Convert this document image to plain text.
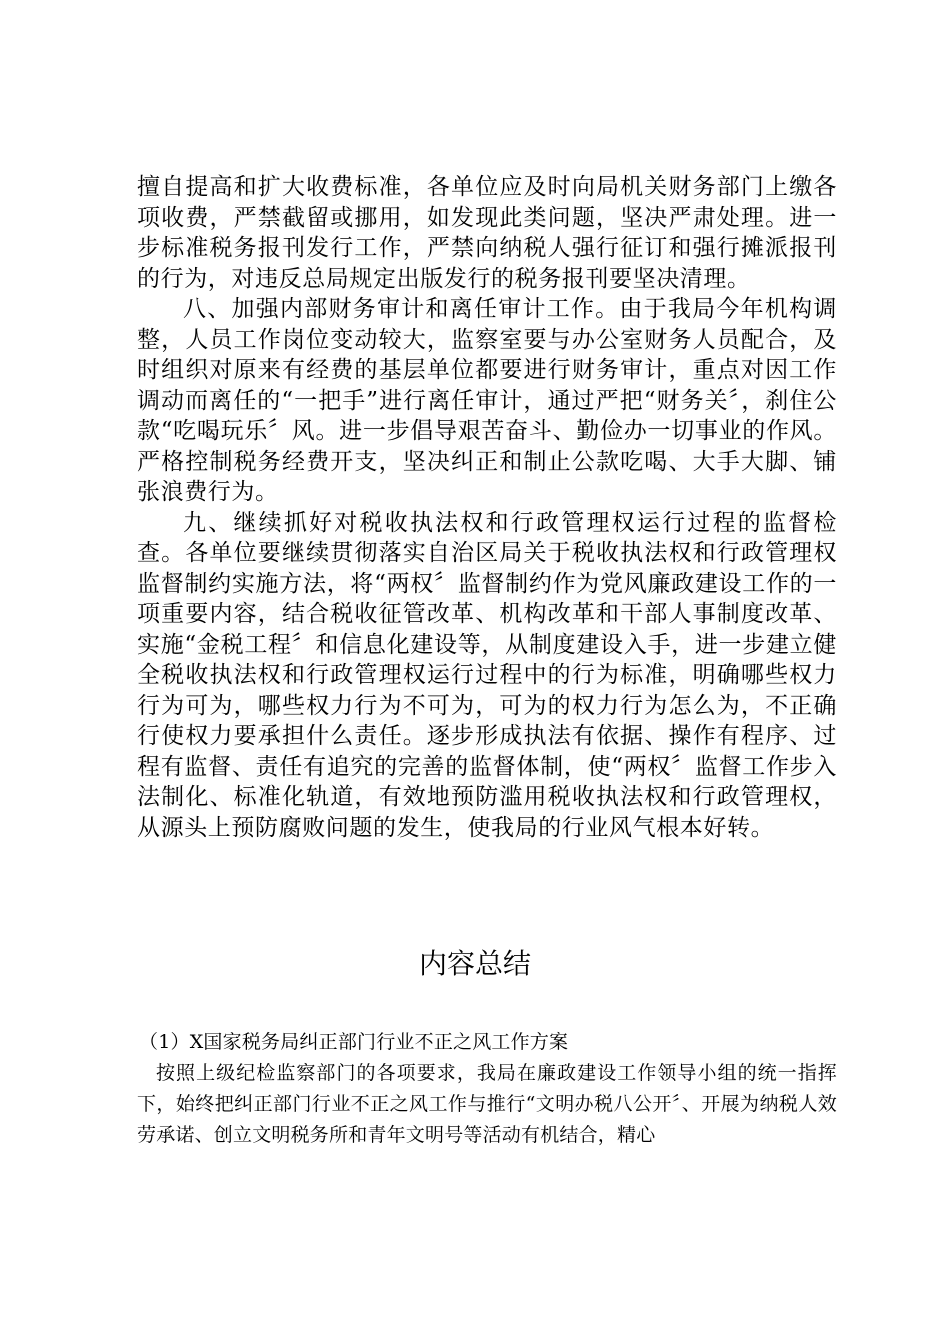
擅自提高和扩大收费标准，各单位应及时向局机关财务部门上缴各项收费，严禁截留或挪用，如发现此类问题，坚决严肃处理。进一步标准税务报刊发行工作，严禁向纳税人强行征订和强行摊派报刊的行为，对违反总局规定出版发行的税务报刊要坚决清理。

八、加强内部财务审计和离任审计工作。由于我局今年机构调整，人员工作岗位变动较大，监察室要与办公室财务人员配合，及时组织对原来有经费的基层单位都要进行财务审计，重点对因工作调动而离任的“一把手”进行离任审计，通过严把“财务关〞，刹住公款“吃喝玩乐〞风。进一步倡导艰苦奋斗、勤俭办一切事业的作风。严格控制税务经费开支，坚决纠正和制止公款吃喝、大手大脚、铺张浪费行为。

九、继续抓好对税收执法权和行政管理权运行过程的监督检查。各单位要继续贯彻落实自治区局关于税收执法权和行政管理权监督制约实施方法，将“两权〞监督制约作为党风廉政建设工作的一项重要内容，结合税收征管改革、机构改革和干部人事制度改革、实施“金税工程〞和信息化建设等，从制度建设入手，进一步建立健全税收执法权和行政管理权运行过程中的行为标准，明确哪些权力行为可为，哪些权力行为不可为，可为的权力行为怎么为，不正确行使权力要承担什么责任。逐步形成执法有依据、操作有程序、过程有监督、责任有追究的完善的监督体制，使“两权〞监督工作步入法制化、标准化轨道，有效地预防滥用税收执法权和行政管理权，从源头上预防腐败问题的发生，使我局的行业风气根本好转。

内容总结

（1）X国家税务局纠正部门行业不正之风工作方案

按照上级纪检监察部门的各项要求，我局在廉政建设工作领导小组的统一指挥下，始终把纠正部门行业不正之风工作与推行“文明办税八公开〞、开展为纳税人效劳承诺、创立文明税务所和青年文明号等活动有机结合，精心
